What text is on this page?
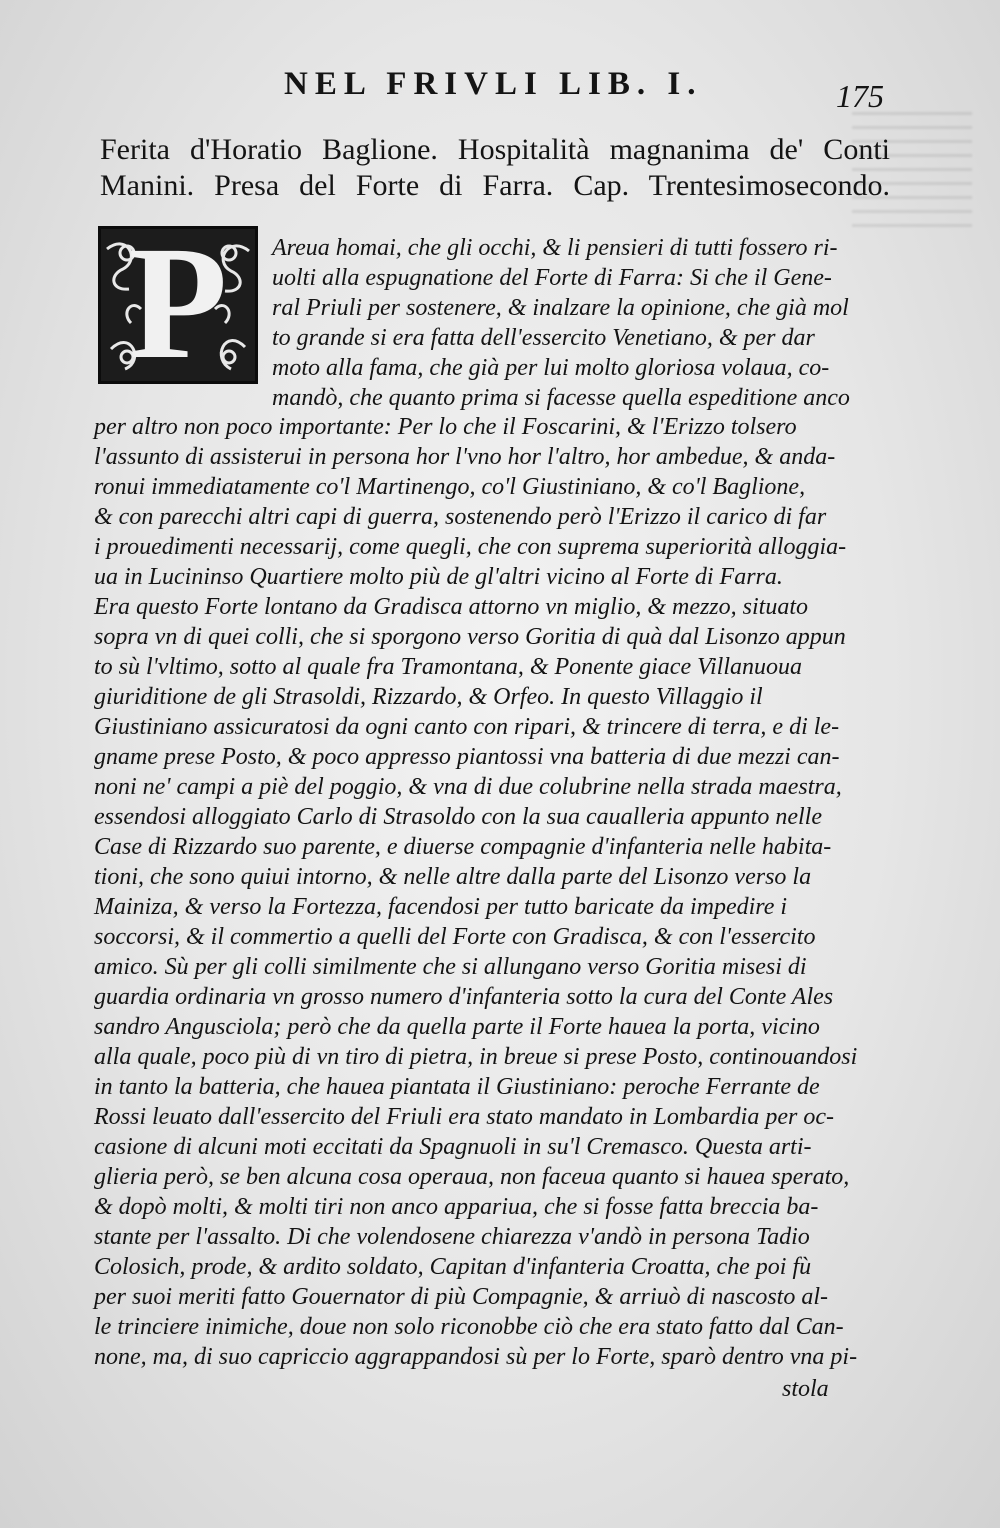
NEL FRIVLI LIB. I.	175
Ferita d'Horatio Baglione. Hospitalità magnanima de' Conti Manini. Presa del Forte di Farra. Cap. Trentesimosecondo.
P	Areua homai, che gli occhi, & li pensieri di tutti fossero ri-
uolti alla espugnatione del Forte di Farra: Si che il Gene-
ral Priuli per sostenere, & inalzare la opinione, che già mol
to grande si era fatta dell'essercito Venetiano, & per dar
moto alla fama, che già per lui molto gloriosa volaua, co-
mandò, che quanto prima si facesse quella espeditione anco
per altro non poco importante: Per lo che il Foscarini, & l'Erizzo tolsero
l'assunto di assisterui in persona hor l'vno hor l'altro, hor ambedue, & anda-
ronui immediatamente co'l Martinengo, co'l Giustiniano, & co'l Baglione,
& con parecchi altri capi di guerra, sostenendo però l'Erizzo il carico di far
i prouedimenti necessarij, come quegli, che con suprema superiorità alloggia-
ua in Lucininso Quartiere molto più de gl'altri vicino al Forte di Farra.
Era questo Forte lontano da Gradisca attorno vn miglio, & mezzo, situato
sopra vn di quei colli, che si sporgono verso Goritia di quà dal Lisonzo appun
to sù l'vltimo, sotto al quale fra Tramontana, & Ponente giace Villanuoua
giuriditione de gli Strasoldi, Rizzardo, & Orfeo. In questo Villaggio il
Giustiniano assicuratosi da ogni canto con ripari, & trincere di terra, e di le-
gname prese Posto, & poco appresso piantossi vna batteria di due mezzi can-
noni ne' campi a piè del poggio, & vna di due colubrine nella strada maestra,
essendosi alloggiato Carlo di Strasoldo con la sua caualleria appunto nelle
Case di Rizzardo suo parente, e diuerse compagnie d'infanteria nelle habita-
tioni, che sono quiui intorno, & nelle altre dalla parte del Lisonzo verso la
Mainiza, & verso la Fortezza, facendosi per tutto baricate da impedire i
soccorsi, & il commertio a quelli del Forte con Gradisca, & con l'essercito
amico. Sù per gli colli similmente che si allungano verso Goritia misesi di
guardia ordinaria vn grosso numero d'infanteria sotto la cura del Conte Ales
sandro Angusciola; però che da quella parte il Forte hauea la porta, vicino
alla quale, poco più di vn tiro di pietra, in breue si prese Posto, continouandosi
in tanto la batteria, che hauea piantata il Giustiniano: peroche Ferrante de
Rossi leuato dall'essercito del Friuli era stato mandato in Lombardia per oc-
casione di alcuni moti eccitati da Spagnuoli in su'l Cremasco. Questa arti-
glieria però, se ben alcuna cosa operaua, non faceua quanto si hauea sperato,
& dopò molti, & molti tiri non anco appariua, che si fosse fatta breccia ba-
stante per l'assalto. Di che volendosene chiarezza v'andò in persona Tadio
Colosich, prode, & ardito soldato, Capitan d'infanteria Croatta, che poi fù
per suoi meriti fatto Gouernator di più Compagnie, & arriuò di nascosto al-
le trinciere inimiche, doue non solo riconobbe ciò che era stato fatto dal Can-
none, ma, di suo capriccio aggrappandosi sù per lo Forte, sparò dentro vna pi-
stola
